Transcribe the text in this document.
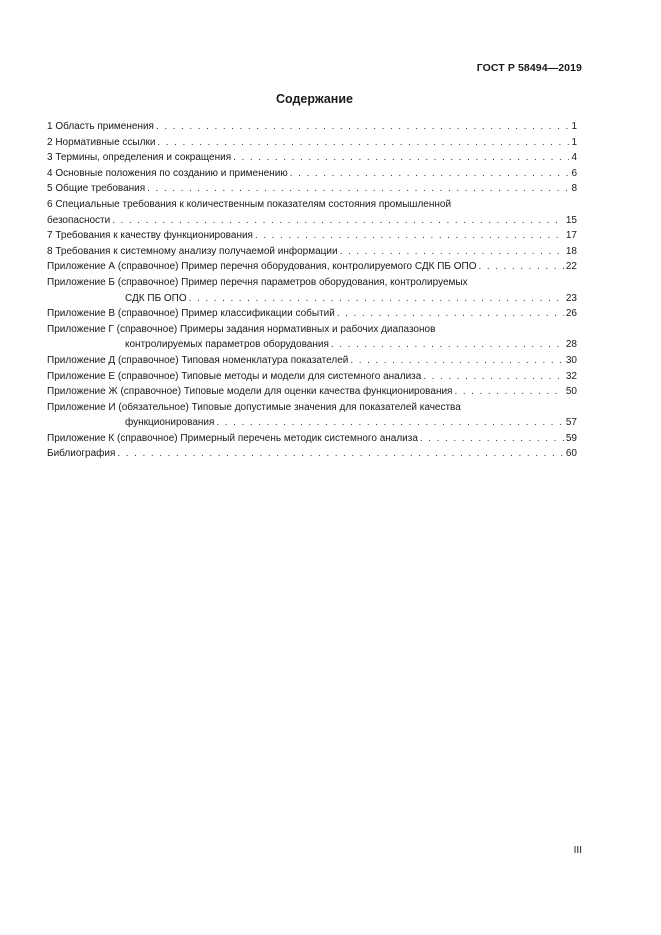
ГОСТ Р 58494—2019
Содержание
1 Область применения . . .	1
2 Нормативные ссылки . . .	1
3 Термины, определения и сокращения . . .	4
4 Основные положения по созданию и применению . . .	6
5 Общие требования . . .	8
6 Специальные требования к количественным показателям состояния промышленной
безопасности . . .	15
7 Требования к качеству функционирования . . .	17
8 Требования к системному анализу получаемой информации . . .	18
Приложение А (справочное) Пример перечня оборудования, контролируемого СДК ПБ ОПО . . .	22
Приложение Б (справочное) Пример перечня параметров оборудования, контролируемых
СДК ПБ ОПО . . .	23
Приложение В (справочное) Пример классификации событий . . .	26
Приложение Г (справочное) Примеры задания нормативных и рабочих диапазонов
контролируемых параметров оборудования . . .	28
Приложение Д (справочное) Типовая номенклатура показателей . . .	30
Приложение Е (справочное) Типовые методы и модели для системного анализа . . .	32
Приложение Ж (справочное) Типовые модели для оценки качества функционирования . . .	50
Приложение И (обязательное) Типовые допустимые значения для показателей качества
функционирования . . .	57
Приложение К (справочное) Примерный перечень методик системного анализа . . .	59
Библиография . . .	60
III
